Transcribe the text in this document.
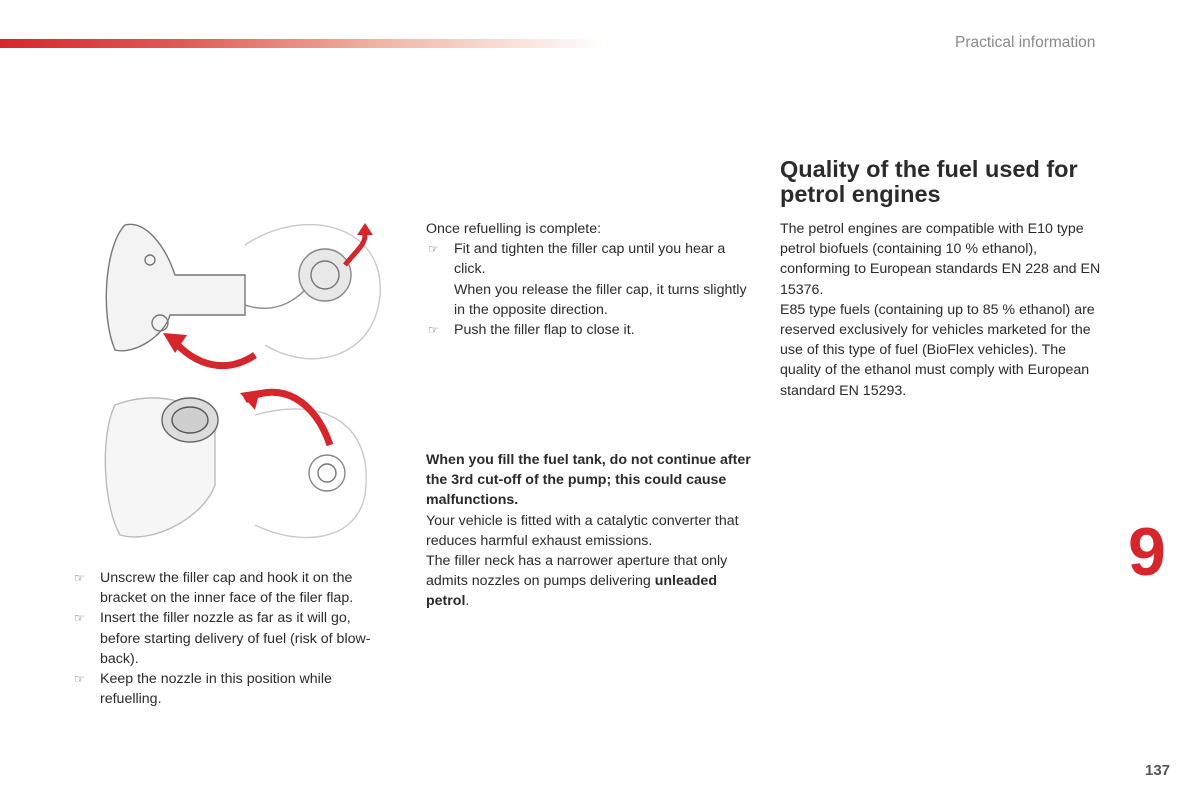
Practical information

☞ Unscrew the filler cap and hook it on the bracket on the inner face of the filer flap.

☞ Insert the filler nozzle as far as it will go, before starting delivery of fuel (risk of blow-back).

☞ Keep the nozzle in this position while refuelling.

Once refuelling is complete:

☞ Fit and tighten the filler cap until you hear a click.

When you release the filler cap, it turns slightly in the opposite direction.

☞ Push the filler flap to close it.

When you fill the fuel tank, do not continue after the 3rd cut-off of the pump; this could cause malfunctions.

Your vehicle is fitted with a catalytic converter that reduces harmful exhaust emissions.

The filler neck has a narrower aperture that only admits nozzles on pumps delivering unleaded petrol.

Quality of the fuel used for petrol engines

The petrol engines are compatible with E10 type petrol biofuels (containing 10 % ethanol), conforming to European standards EN 228 and EN 15376.

E85 type fuels (containing up to 85 % ethanol) are reserved exclusively for vehicles marketed for the use of this type of fuel (BioFlex vehicles). The quality of the ethanol must comply with European standard EN 15293.

9
137
